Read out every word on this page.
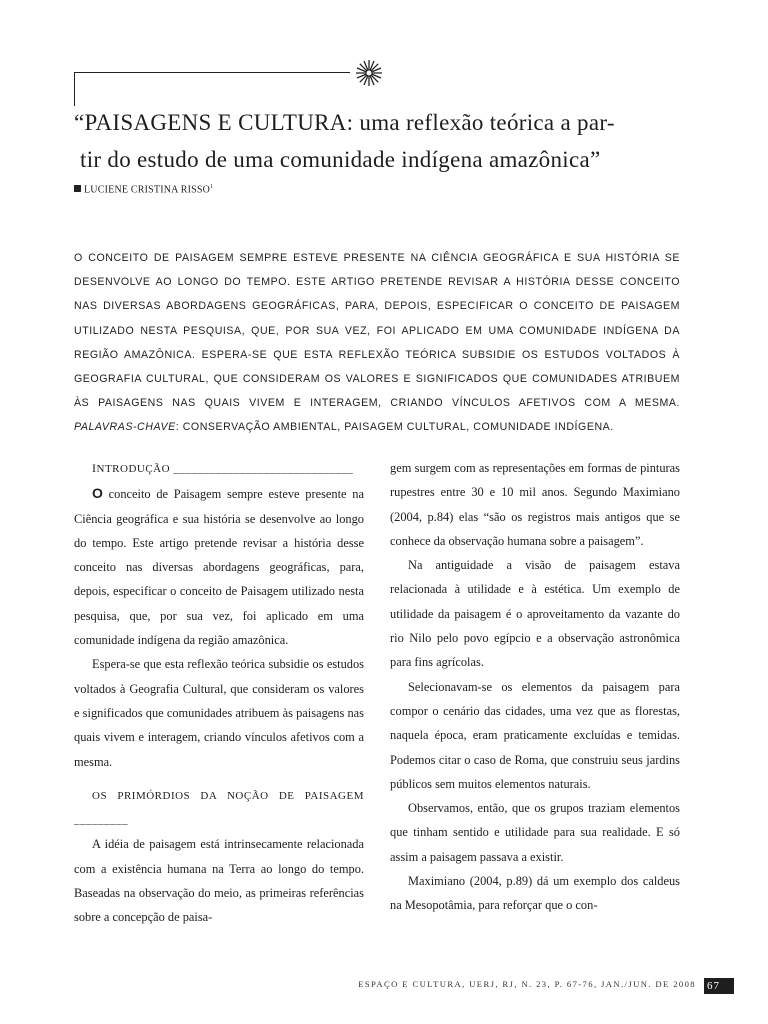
“PAISAGENS E CULTURA: uma reflexão teórica a par-
tir do estudo de uma comunidade indígena amazônica”
LUCIENE CRISTINA RISSO$^1$
O CONCEITO DE PAISAGEM SEMPRE ESTEVE PRESENTE NA CIÊNCIA GEOGRÁFICA E SUA HISTÓRIA SE DESENVOLVE AO LONGO DO TEMPO. ESTE ARTIGO PRETENDE REVISAR A HISTÓRIA DESSE CONCEITO NAS DIVERSAS ABORDAGENS GEOGRÁFICAS, PARA, DEPOIS, ESPECIFICAR O CONCEITO DE PAISAGEM UTILIZADO NESTA PESQUISA, QUE, POR SUA VEZ, FOI APLICADO EM UMA COMUNIDADE INDÍGENA DA REGIÃO AMAZÔNICA. ESPERA-SE QUE ESTA REFLEXÃO TEÓRICA SUBSIDIE OS ESTUDOS VOLTADOS À GEOGRAFIA CULTURAL, QUE CONSIDERAM OS VALORES E SIGNIFICADOS QUE COMUNIDADES ATRIBUEM ÀS PAISAGENS NAS QUAIS VIVEM E INTERAGEM, CRIANDO VÍNCULOS AFETIVOS COM A MESMA. PALAVRAS-CHAVE: CONSERVAÇÃO AMBIENTAL, PAISAGEM CULTURAL, COMUNIDADE INDÍGENA.

INTRODUÇÃO ______________________________

O conceito de Paisagem sempre esteve presente na Ciência geográfica e sua história se desenvolve ao longo do tempo. Este artigo pretende revisar a história desse conceito nas diversas abordagens geográficas, para, depois, especificar o conceito de Paisagem utilizado nesta pesquisa, que, por sua vez, foi aplicado em uma comunidade indígena da região amazônica.

Espera-se que esta reflexão teórica subsidie os estudos voltados à Geografia Cultural, que consideram os valores e significados que comunidades atribuem às paisagens nas quais vivem e interagem, criando vínculos afetivos com a mesma.

OS PRIMÓRDIOS DA NOÇÃO DE PAISAGEM _________

A idéia de paisagem está intrinsecamente relacionada com a existência humana na Terra ao longo do tempo. Baseadas na observação do meio, as primeiras referências sobre a concepção de paisa-

gem surgem com as representações em formas de pinturas rupestres entre 30 e 10 mil anos. Segundo Maximiano (2004, p.84) elas “são os registros mais antigos que se conhece da observação humana sobre a paisagem”.

Na antiguidade a visão de paisagem estava relacionada à utilidade e à estética. Um exemplo de utilidade da paisagem é o aproveitamento da vazante do rio Nilo pelo povo egípcio e a observação astronômica para fins agrícolas.

Selecionavam-se os elementos da paisagem para compor o cenário das cidades, uma vez que as florestas, naquela época, eram praticamente excluídas e temidas. Podemos citar o caso de Roma, que construiu seus jardins públicos sem muitos elementos naturais.

Observamos, então, que os grupos traziam elementos que tinham sentido e utilidade para sua realidade. E só assim a paisagem passava a existir.

Maximiano (2004, p.89) dá um exemplo dos caldeus na Mesopotâmia, para reforçar que o con-

ESPAÇO E CULTURA, UERJ, RJ, N. 23, P. 67-76, JAN./JUN. DE 2008 67
